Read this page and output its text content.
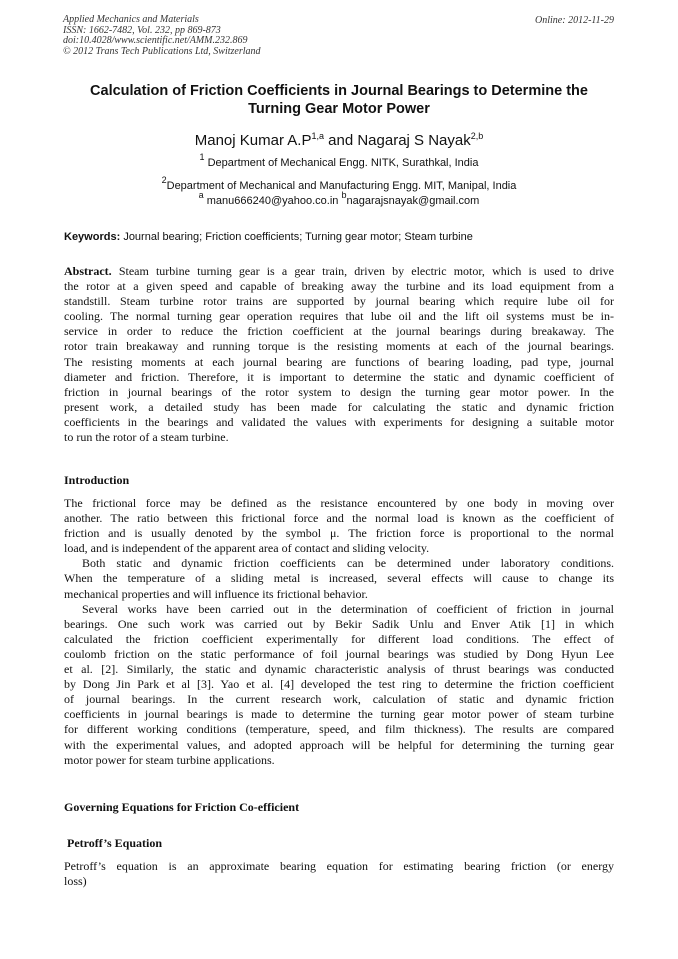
Applied Mechanics and Materials
ISSN: 1662-7482, Vol. 232, pp 869-873
doi:10.4028/www.scientific.net/AMM.232.869
© 2012 Trans Tech Publications Ltd, Switzerland
Online: 2012-11-29
Calculation of Friction Coefficients in Journal Bearings to Determine the
Turning Gear Motor Power
Manoj Kumar $A.P^{1,a}$ and Nagaraj S Nayak$^{2,b}$
$^1$ Department of Mechanical Engg. NITK, Surathkal, India
$^2$Department of Mechanical and Manufacturing Engg. MIT, Manipal, India
$^a$ manu666240@yahoo.co.in $^b$nagarajsnayak@gmail.com
Keywords: Journal bearing; Friction coefficients; Turning gear motor; Steam turbine
Abstract. Steam turbine turning gear is a gear train, driven by electric motor, which is used to drive
the rotor at a given speed and capable of breaking away the turbine and its load equipment from a
standstill. Steam turbine rotor trains are supported by journal bearing which require lube oil for
cooling. The normal turning gear operation requires that lube oil and the lift oil systems must be in-
service in order to reduce the friction coefficient at the journal bearings during breakaway. The
rotor train breakaway and running torque is the resisting moments at each of the journal bearings.
The resisting moments at each journal bearing are functions of bearing loading, pad type, journal
diameter and friction. Therefore, it is important to determine the static and dynamic coefficient of
friction in journal bearings of the rotor system to design the turning gear motor power. In the
present work, a detailed study has been made for calculating the static and dynamic friction
coefficients in the bearings and validated the values with experiments for designing a suitable motor
to run the rotor of a steam turbine.
Introduction
The frictional force may be defined as the resistance encountered by one body in moving over
another. The ratio between this frictional force and the normal load is known as the coefficient of
friction and is usually denoted by the symbol μ. The friction force is proportional to the normal
load, and is independent of the apparent area of contact and sliding velocity.
Both static and dynamic friction coefficients can be determined under laboratory conditions.
When the temperature of a sliding metal is increased, several effects will cause to change its
mechanical properties and will influence its frictional behavior.
Several works have been carried out in the determination of coefficient of friction in journal
bearings. One such work was carried out by Bekir Sadik Unlu and Enver Atik [1] in which
calculated the friction coefficient experimentally for different load conditions. The effect of
coulomb friction on the static performance of foil journal bearings was studied by Dong Hyun Lee
et al. [2]. Similarly, the static and dynamic characteristic analysis of thrust bearings was conducted
by Dong Jin Park et al [3]. Yao et al. [4] developed the test ring to determine the friction coefficient
of journal bearings. In the current research work, calculation of static and dynamic friction
coefficients in journal bearings is made to determine the turning gear motor power of steam turbine
for different working conditions (temperature, speed, and film thickness). The results are compared
with the experimental values, and adopted approach will be helpful for determining the turning gear
motor power for steam turbine applications.
Governing Equations for Friction Co-efficient
Petroff’s Equation
Petroff’s equation is an approximate bearing equation for estimating bearing friction (or energy
loss)
